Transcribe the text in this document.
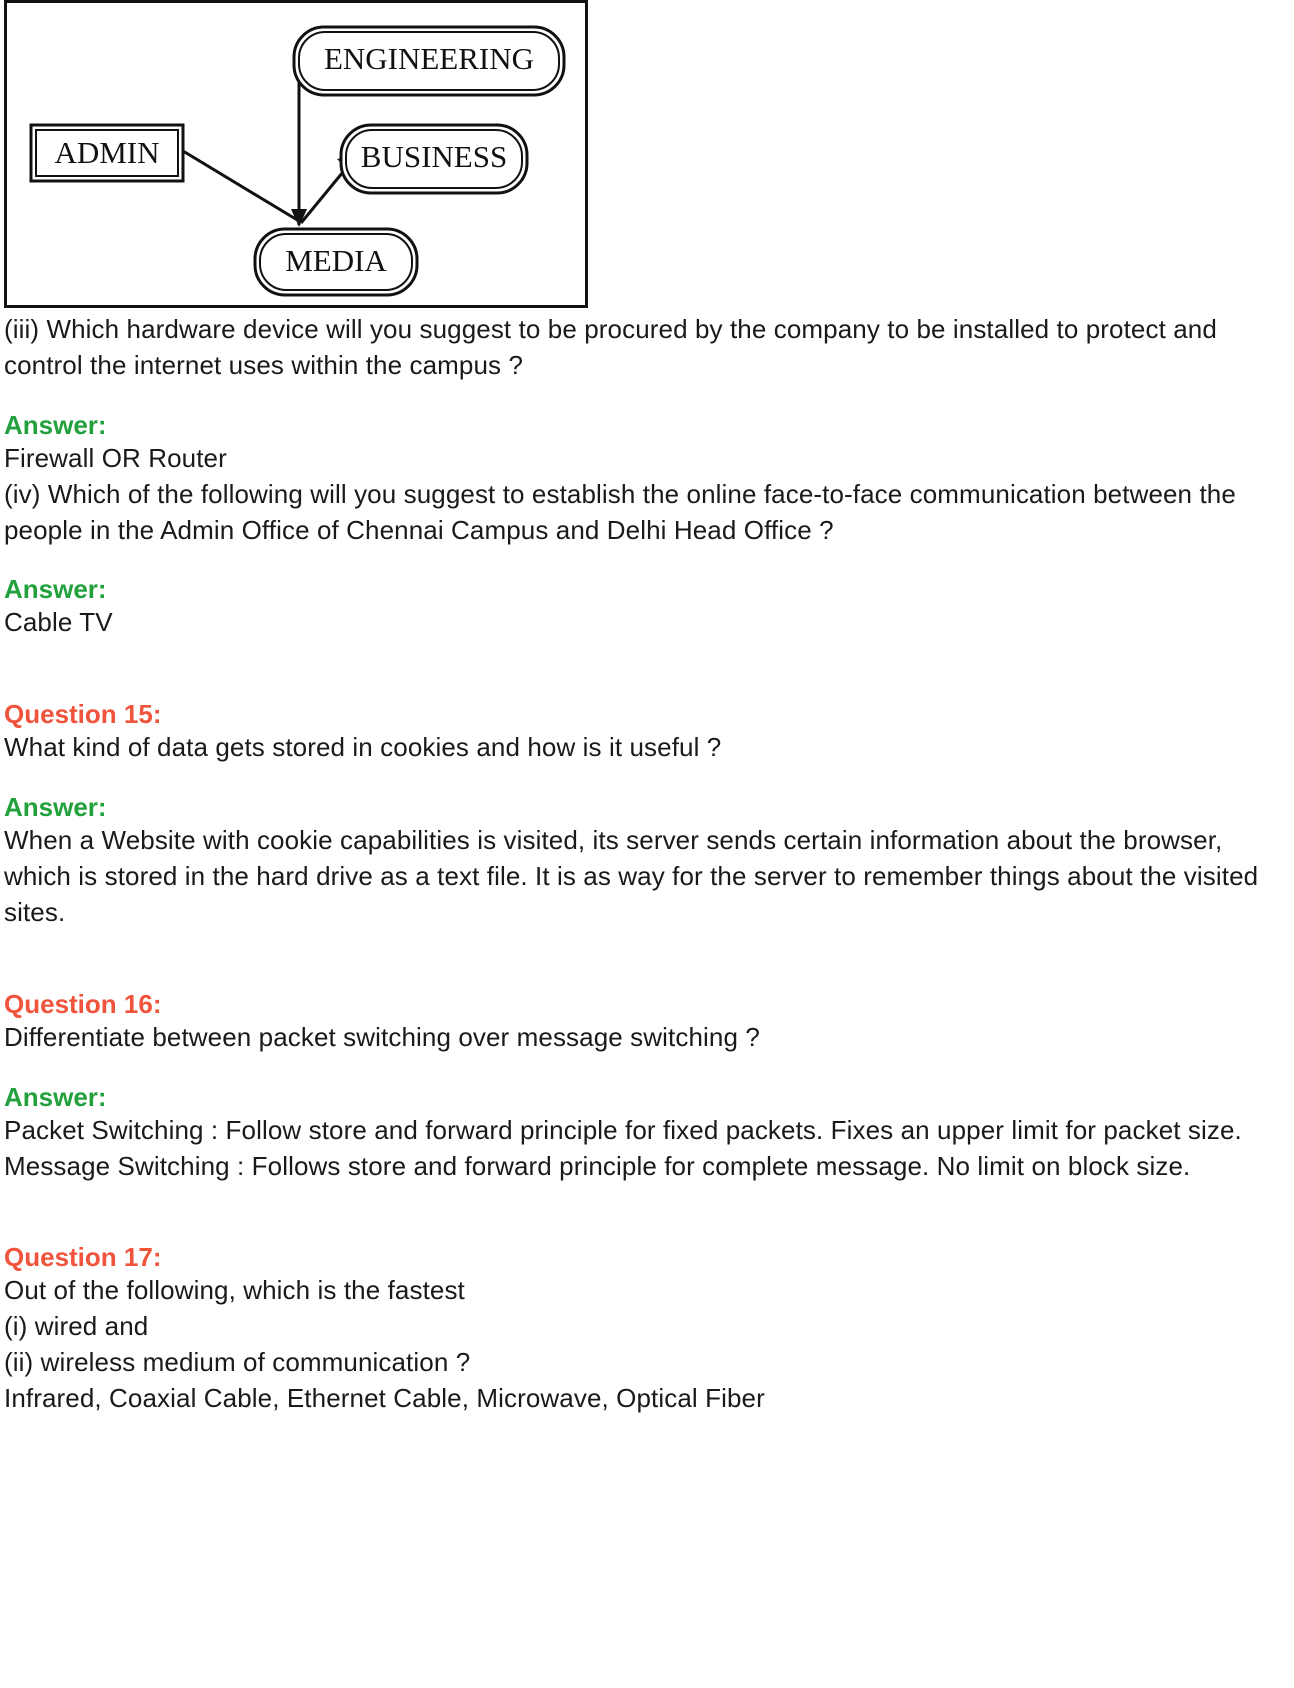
ENGINEERING
ADMIN	BUSINESS
MEDIA

(iii) Which hardware device will you suggest to be procured by the company to be installed to protect and control the internet uses within the campus ?

Answer:

Firewall OR Router

(iv) Which of the following will you suggest to establish the online face-to-face communication between the people in the Admin Office of Chennai Campus and Delhi Head Office ?

Answer:

Cable TV

Question 15:

What kind of data gets stored in cookies and how is it useful ?

Answer:

When a Website with cookie capabilities is visited, its server sends certain information about the browser, which is stored in the hard drive as a text file. It is as way for the server to remember things about the visited sites.

Question 16:

Differentiate between packet switching over message switching ?

Answer:

Packet Switching : Follow store and forward principle for fixed packets. Fixes an upper limit for packet size.

Message Switching : Follows store and forward principle for complete message. No limit on block size.

Question 17:

Out of the following, which is the fastest

(i) wired and

(ii) wireless medium of communication ?

Infrared, Coaxial Cable, Ethernet Cable, Microwave, Optical Fiber
